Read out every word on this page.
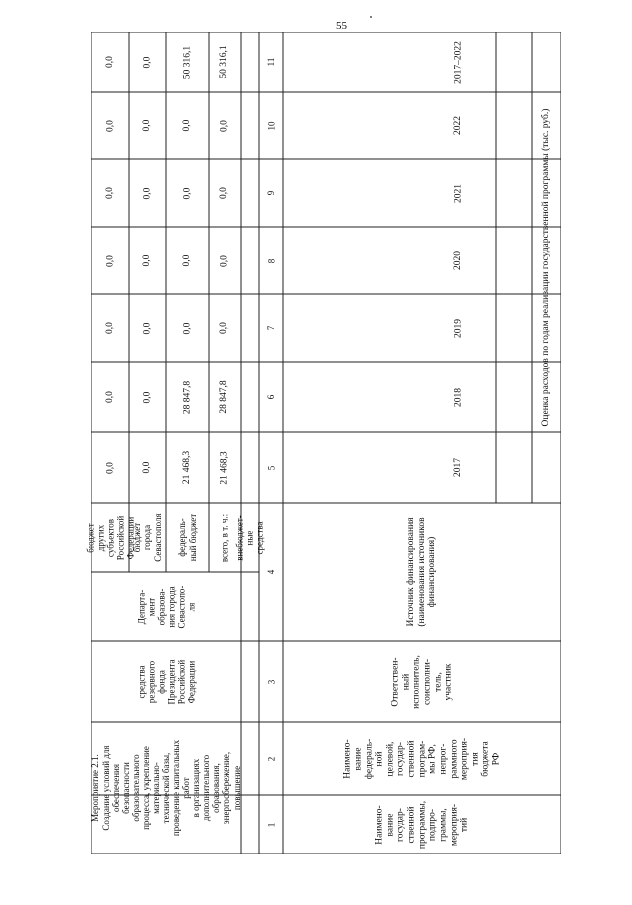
55
Наимено-
вание
государ-
ственной
программы,
подпро-
граммы,
мероприя-
тий
Наимено-
вание
федераль-
ной
целевой,
государ-
ственной
програм-
мы РФ,
непрог-
раммного
мероприя-
тия
бюджета
РФ
Ответствен-
ный
исполнитель,
соисполни-
тель,
участник
Источник финансирования
(наименования источников
финансирования)
Оценка расходов по годам реализации государственной программы (тыс. руб.)
2017
2018
2019
2020
2021
2022
2017–2022
1
2
3
4
5
6
7
8
9
10
11
внебюджет-
ные
средства
Мероприятие 2.1.
Создание условий для
обеспечения
безопасности
образовательного
процесса, укрепление
материально-
технической базы,
проведение капитальных
работ
в организациях
дополнительного
образования,
энергосбережение,
повышение
средства
резервного
фонда
Президента
Российской
Федерации
Департа-
мент
образова-
ния города
Севастопо-
ля
всего, в т. ч.:
федераль-
ный бюджет
бюджет
города
Севастополя
бюджет
других
субъектов
Российской
Федерации
21 468,3
28 847,8
0,0
0,0
0,0
0,0
50 316,1
21 468,3
28 847,8
0,0
0,0
0,0
0,0
50 316,1
0,0
0,0
0,0
0,0
0,0
0,0
0,0
0,0
0,0
0,0
0,0
0,0
0,0
0,0
